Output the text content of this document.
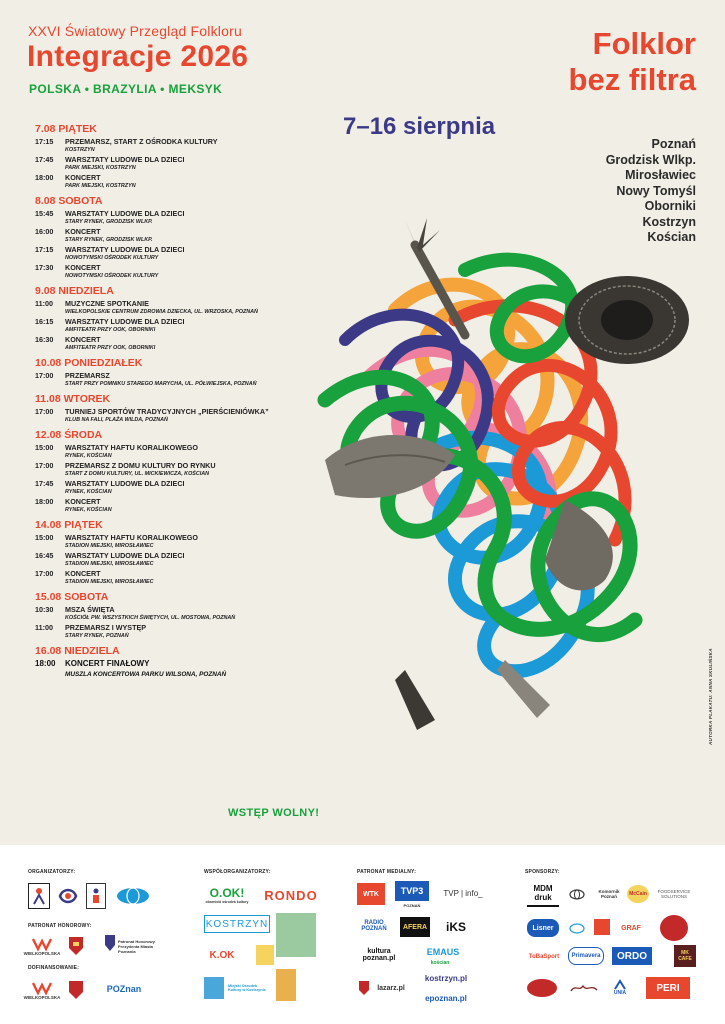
XXVI Światowy Przegląd Folkloru
Integracje 2026
POLSKA • BRAZYLIA • MEKSYK
Folklor
bez filtra
7–16 sierpnia
Poznań
Grodzisk Wlkp.
Mirosławiec
Nowy Tomyśl
Oborniki
Kostrzyn
Kościan
7.08 PIĄTEK
17:15	PRZEMARSZ, START Z OŚRODKA KULTURY
KOSTRZYN
17:45	WARSZTATY LUDOWE DLA DZIECI
PARK MIEJSKI, KOSTRZYN
18:00	KONCERT
PARK MIEJSKI, KOSTRZYN
8.08 SOBOTA
15:45	WARSZTATY LUDOWE DLA DZIECI
STARY RYNEK, GRODZISK WLKP.
16:00	KONCERT
STARY RYNEK, GRODZISK WLKP.
17:15	WARSZTATY LUDOWE DLA DZIECI
NOWOTYMSKI OŚRODEK KULTURY
17:30	KONCERT
NOWOTYMSKI OŚRODEK KULTURY
9.08 NIEDZIELA
11:00	MUZYCZNE SPOTKANIE
WIELKOPOLSKIE CENTRUM ZDROWIA DZIECKA, UL. WRZOSKA, POZNAŃ
16:15	WARSZTATY LUDOWE DLA DZIECI
AMFITEATR PRZY OOK, OBORNIKI
16:30	KONCERT
AMFITEATR PRZY OOK, OBORNIKI
10.08 PONIEDZIAŁEK
17:00	PRZEMARSZ
START PRZY POMNIKU STAREGO MARYCHA, UL. PÓŁWIEJSKA, POZNAŃ
11.08 WTOREK
17:00	TURNIEJ SPORTÓW TRADYCYJNYCH „PIERŚCIENIÓWKA”
KLUB NA FALI, PLAŻA WILDA, POZNAŃ
12.08 ŚRODA
15:00	WARSZTATY HAFTU KORALIKOWEGO
RYNEK, KOŚCIAN
17:00	PRZEMARSZ Z DOMU KULTURY DO RYNKU
START Z DOMU KULTURY, UL. MICKIEWICZA, KOŚCIAN
17:45	WARSZTATY LUDOWE DLA DZIECI
RYNEK, KOŚCIAN
18:00	KONCERT
RYNEK, KOŚCIAN
14.08 PIĄTEK
15:00	WARSZTATY HAFTU KORALIKOWEGO
STADION MIEJSKI, MIROSŁAWIEC
16:45	WARSZTATY LUDOWE DLA DZIECI
STADION MIEJSKI, MIROSŁAWIEC
17:00	KONCERT
STADION MIEJSKI, MIROSŁAWIEC
15.08 SOBOTA
10:30	MSZA ŚWIĘTA
KOŚCIÓŁ PW. WSZYSTKICH ŚWIĘTYCH, UL. MOSTOWA, POZNAŃ
11:00	PRZEMARSZ I WYSTĘP
STARY RYNEK, POZNAŃ
16.08 NIEDZIELA
18:00	KONCERT FINAŁOWY
MUSZLA KONCERTOWA PARKU WILSONA, POZNAŃ
WSTĘP WOLNY!
AUTORKA PLAKATU: ANNA SKULIŃSKA
ORGANIZATORZY:
PATRONAT HONOROWY:
DOFINANSOWANIE:
WSPÓŁORGANIZATORZY:	PATRONAT MEDIALNY:	SPONSORZY:
WIELKOPOLSKA
Patronat Honorowy Prezydenta Miasta Poznania
WIELKOPOLSKA
POZnan
O.OK!
obornicki ośrodek kultury RONDO
KOSTRZYN
K.OK
Miejski Ośrodek Kultury w Kostrzynie
WTK	TVP3
POZNAŃ
TVP | info_
RADIO POZNAŃ	AFERA iKS
kultura poznan.pl
EMAUS
kościan
lazarz.pl
kostrzyn.pl
epoznan.pl
MDM druk
Komornik Poznań	McCain	FOODSERVICE SOLUTIONS
Lisner	GRAF
ToBaSport	Primavera	ORDO	MK CAFE
UNIA	PERI
